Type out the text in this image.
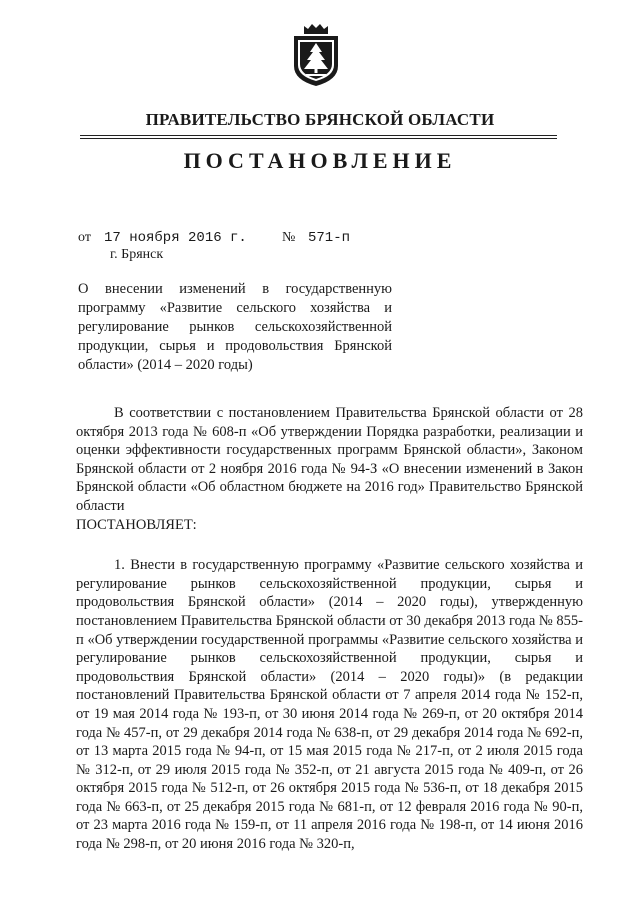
ПРАВИТЕЛЬСТВО БРЯНСКОЙ ОБЛАСТИ
ПОСТАНОВЛЕНИЕ
от 17 ноября 2016 г.	№ 571-п
г. Брянск
О внесении изменений в государственную программу «Развитие сельского хозяйства и регулирование рынков сельскохозяйственной продукции, сырья и продовольствия Брянской области» (2014 – 2020 годы)

В соответствии с постановлением Правительства Брянской области от 28 октября 2013 года № 608-п «Об утверждении Порядка разработки, реализации и оценки эффективности государственных программ Брянской области», Законом Брянской области от 2 ноября 2016 года № 94-З «О внесении изменений в Закон Брянской области «Об областном бюджете на 2016 год» Правительство Брянской области

ПОСТАНОВЛЯЕТ:

1. Внести в государственную программу «Развитие сельского хозяйства и регулирование рынков сельскохозяйственной продукции, сырья и продовольствия Брянской области» (2014 – 2020 годы), утвержденную постановлением Правительства Брянской области от 30 декабря 2013 года № 855-п «Об утверждении государственной программы «Развитие сельского хозяйства и регулирование рынков сельскохозяйственной продукции, сырья и продовольствия Брянской области» (2014 – 2020 годы)» (в редакции постановлений Правительства Брянской области от 7 апреля 2014 года № 152-п, от 19 мая 2014 года № 193-п, от 30 июня 2014 года № 269-п, от 20 октября 2014 года № 457-п, от 29 декабря 2014 года № 638-п, от 29 декабря 2014 года № 692-п, от 13 марта 2015 года № 94-п, от 15 мая 2015 года № 217-п, от 2 июля 2015 года № 312-п, от 29 июля 2015 года № 352-п, от 21 августа 2015 года № 409-п, от 26 октября 2015 года № 512-п, от 26 октября 2015 года № 536-п, от 18 декабря 2015 года № 663-п, от 25 декабря 2015 года № 681-п, от 12 февраля 2016 года № 90-п, от 23 марта 2016 года № 159-п, от 11 апреля 2016 года № 198-п, от 14 июня 2016 года № 298-п, от 20 июня 2016 года № 320-п,
